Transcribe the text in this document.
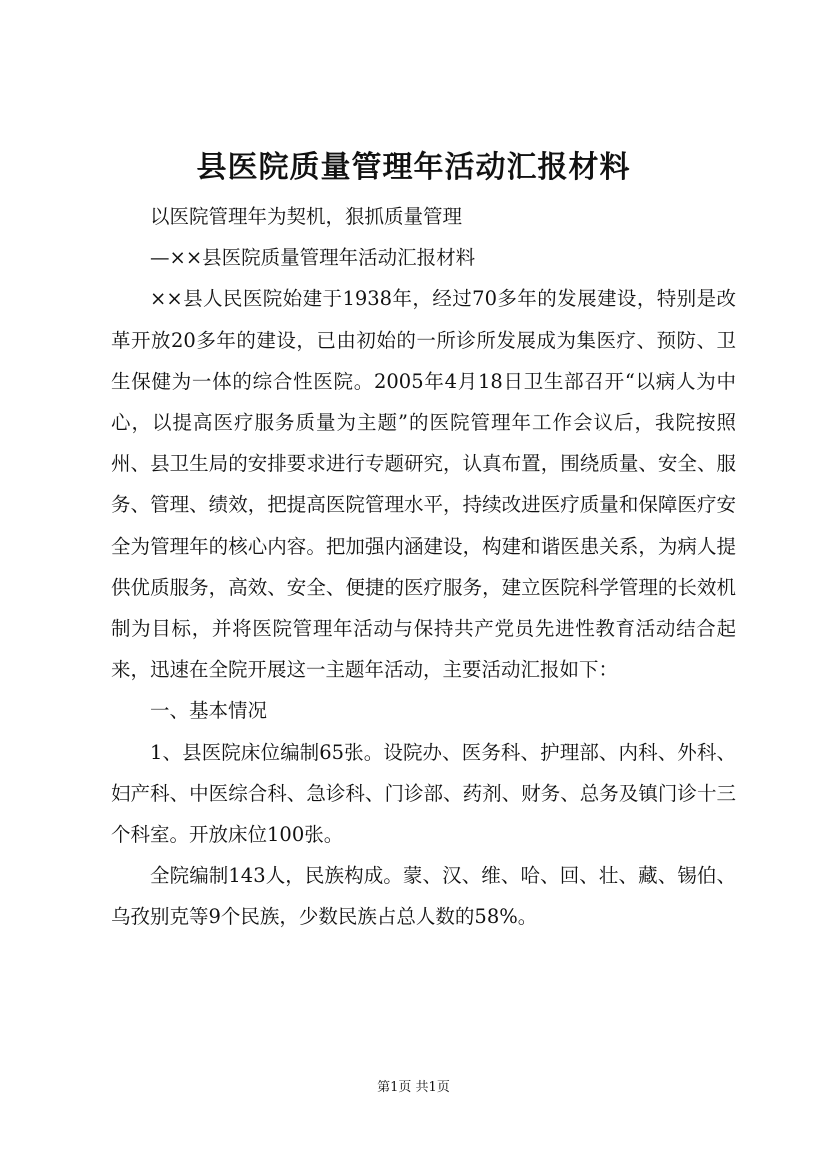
县医院质量管理年活动汇报材料

以医院管理年为契机，狠抓质量管理

—××县医院质量管理年活动汇报材料

××县人民医院始建于1938年，经过70多年的发展建设，特别是改革开放20多年的建设，已由初始的一所诊所发展成为集医疗、预防、卫生保健为一体的综合性医院。2005年4月18日卫生部召开“以病人为中心，以提高医疗服务质量为主题”的医院管理年工作会议后，我院按照州、县卫生局的安排要求进行专题研究，认真布置，围绕质量、安全、服务、管理、绩效，把提高医院管理水平，持续改进医疗质量和保障医疗安全为管理年的核心内容。把加强内涵建设，构建和谐医患关系，为病人提供优质服务，高效、安全、便捷的医疗服务，建立医院科学管理的长效机制为目标，并将医院管理年活动与保持共产党员先进性教育活动结合起来，迅速在全院开展这一主题年活动，主要活动汇报如下：

一、基本情况

1、县医院床位编制65张。设院办、医务科、护理部、内科、外科、妇产科、中医综合科、急诊科、门诊部、药剂、财务、总务及镇门诊十三个科室。开放床位100张。

全院编制143人，民族构成。蒙、汉、维、哈、回、壮、藏、锡伯、乌孜别克等9个民族，少数民族占总人数的58%。

第1页 共1页
